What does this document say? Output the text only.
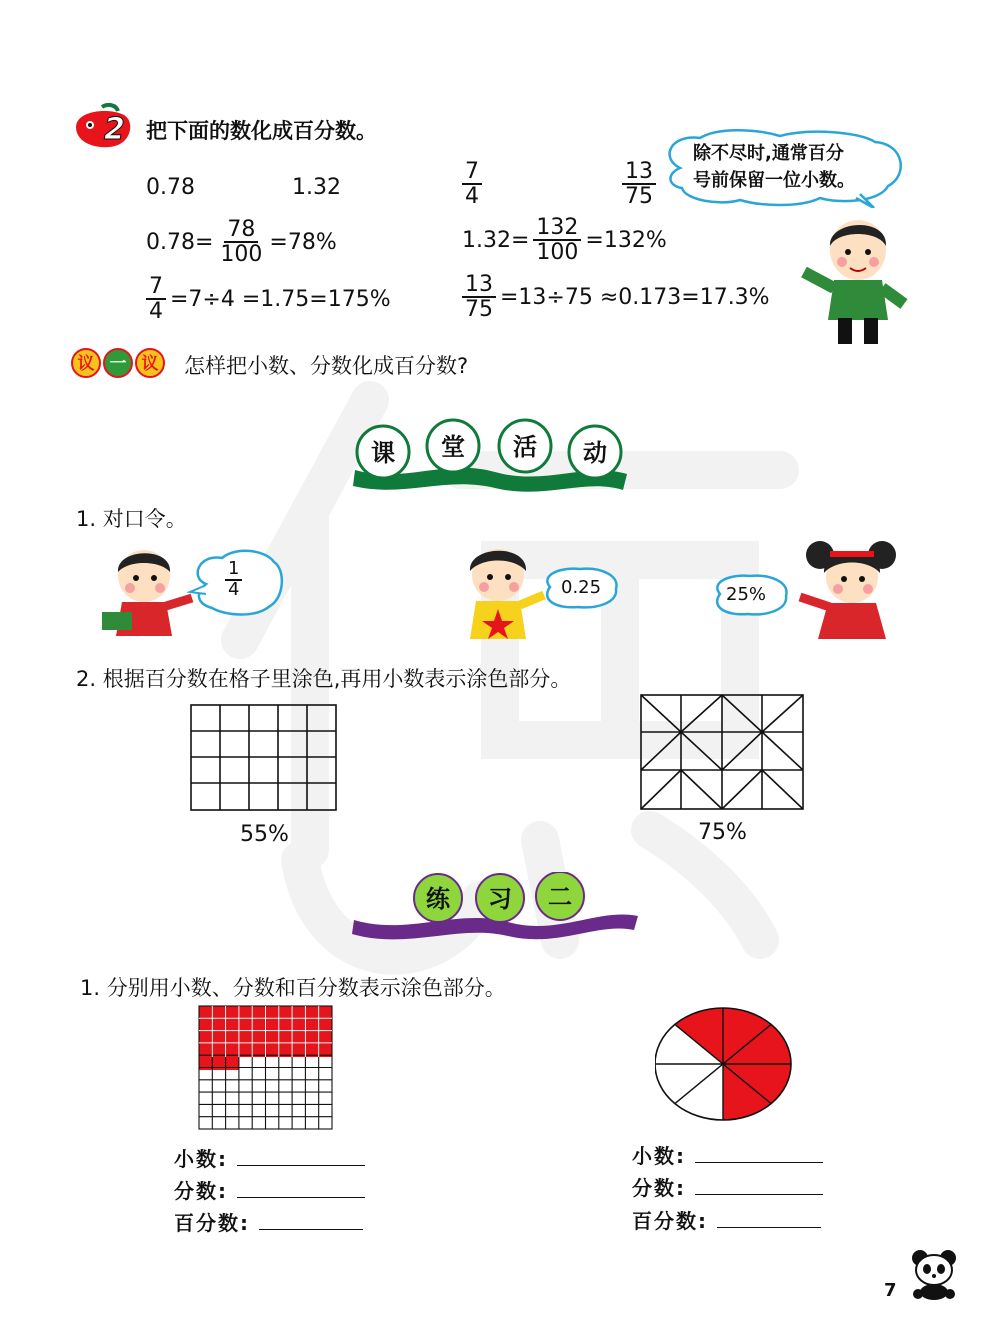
2 把下面的数化成百分数。
0.78	1.32	$\frac{7}{4}$	$\frac{13}{75}$
$0.78= \frac{78}{100} =78\%$	$1.32= \frac{132}{100} =132\%$
$\frac{7}{4} =7\div 4 =1.75=175\%$	$\frac{13}{75} =13\div 75 \approx 0.173=17.3\%$
除不尽时,通常百分
号前保留一位小数。
议 一 议 怎样把小数、分数化成百分数?
课 堂 活 动
1. 对口令。
$\frac{1}{4}$	0.25	25%
2. 根据百分数在格子里涂色,再用小数表示涂色部分。
55%	75%
练 习 二
1. 分别用小数、分数和百分数表示涂色部分。
小数:
分数:
百分数:
小数:
分数:
百分数:
7
